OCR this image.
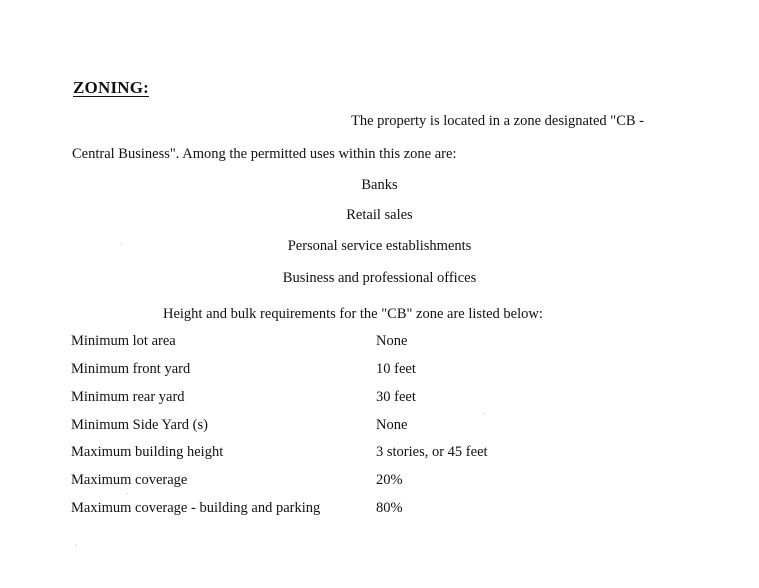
ZONING:
The property is located in a zone designated "CB -
Central Business". Among the permitted uses within this zone are:
Banks
Retail sales
Personal service establishments
Business and professional offices
Height and bulk requirements for the "CB" zone are listed below:
Minimum lot area	None
Minimum front yard	10 feet
Minimum rear yard	30 feet
Minimum Side Yard (s)	None
Maximum building height	3 stories, or 45 feet
Maximum coverage	20%
Maximum coverage - building and parking	80%
